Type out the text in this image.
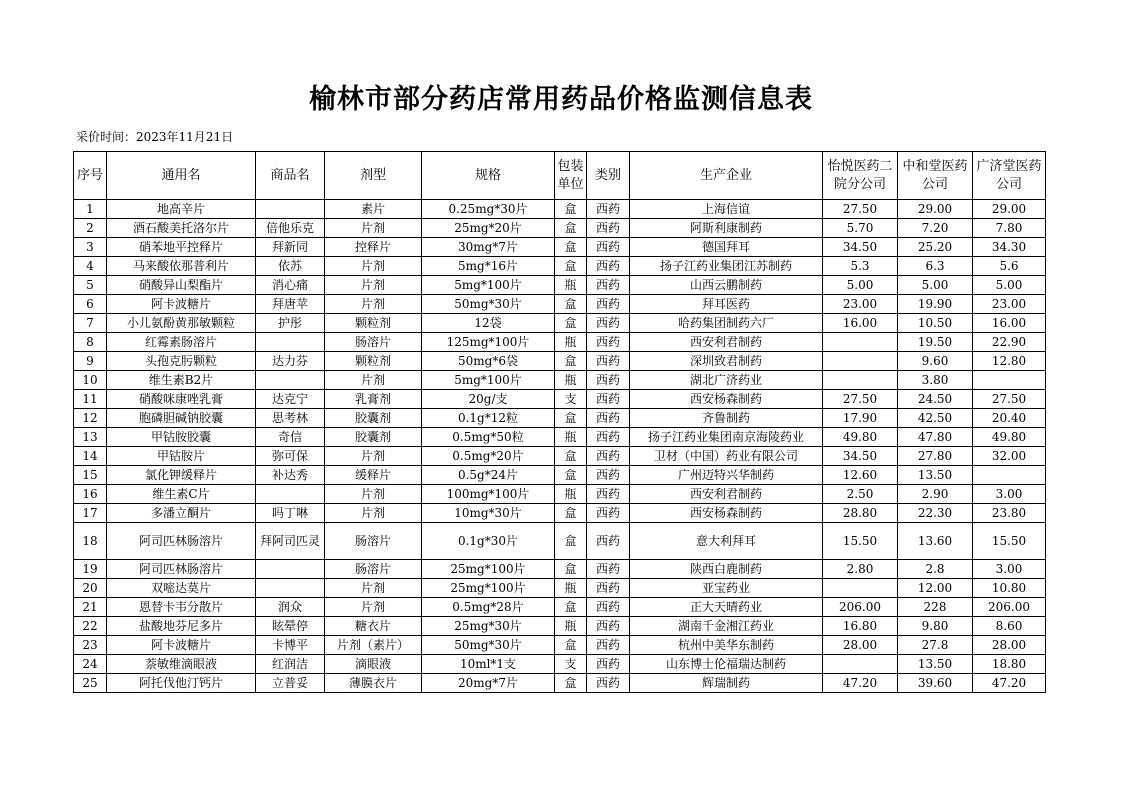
榆林市部分药店常用药品价格监测信息表
采价时间：2023年11月21日
序号	通用名	商品名	剂型	规格	包装单位	类别	生产企业	怡悦医药二院分公司	中和堂医药公司	广济堂医药公司
1	地高辛片		素片	0.25mg*30片	盒	西药	上海信谊	27.50	29.00	29.00
2	酒石酸美托洛尔片	倍他乐克	片剂	25mg*20片	盒	西药	阿斯利康制药	5.70	7.20	7.80
3	硝苯地平控释片	拜新同	控释片	30mg*7片	盒	西药	德国拜耳	34.50	25.20	34.30
4	马来酸依那普利片	依苏	片剂	5mg*16片	盒	西药	扬子江药业集团江苏制药	5.3	6.3	5.6
5	硝酸异山梨酯片	消心痛	片剂	5mg*100片	瓶	西药	山西云鹏制药	5.00	5.00	5.00
6	阿卡波糖片	拜唐苹	片剂	50mg*30片	盒	西药	拜耳医药	23.00	19.90	23.00
7	小儿氨酚黄那敏颗粒	护彤	颗粒剂	12袋	盒	西药	哈药集团制药六厂	16.00	10.50	16.00
8	红霉素肠溶片		肠溶片	125mg*100片	瓶	西药	西安利君制药		19.50	22.90
9	头孢克肟颗粒	达力芬	颗粒剂	50mg*6袋	盒	西药	深圳致君制药		9.60	12.80
10	维生素B2片		片剂	5mg*100片	瓶	西药	湖北广济药业		3.80	
11	硝酸咪康唑乳膏	达克宁	乳膏剂	20g/支	支	西药	西安杨森制药	27.50	24.50	27.50
12	胞磷胆碱钠胶囊	思考林	胶囊剂	0.1g*12粒	盒	西药	齐鲁制药	17.90	42.50	20.40
13	甲钴胺胶囊	奇信	胶囊剂	0.5mg*50粒	瓶	西药	扬子江药业集团南京海陵药业	49.80	47.80	49.80
14	甲钴胺片	弥可保	片剂	0.5mg*20片	盒	西药	卫材（中国）药业有限公司	34.50	27.80	32.00
15	氯化钾缓释片	补达秀	缓释片	0.5g*24片	盒	西药	广州迈特兴华制药	12.60	13.50	
16	维生素C片		片剂	100mg*100片	瓶	西药	西安利君制药	2.50	2.90	3.00
17	多潘立酮片	吗丁啉	片剂	10mg*30片	盒	西药	西安杨森制药	28.80	22.30	23.80
18	阿司匹林肠溶片	拜阿司匹灵	肠溶片	0.1g*30片	盒	西药	意大利拜耳	15.50	13.60	15.50
19	阿司匹林肠溶片		肠溶片	25mg*100片	盒	西药	陕西白鹿制药	2.80	2.8	3.00
20	双嘧达莫片		片剂	25mg*100片	瓶	西药	亚宝药业		12.00	10.80
21	恩替卡韦分散片	润众	片剂	0.5mg*28片	盒	西药	正大天晴药业	206.00	228	206.00
22	盐酸地芬尼多片	眩晕停	糖衣片	25mg*30片	瓶	西药	湖南千金湘江药业	16.80	9.80	8.60
23	阿卡波糖片	卡博平	片剂（素片）	50mg*30片	盒	西药	杭州中美华东制药	28.00	27.8	28.00
24	萘敏维滴眼液	红润洁	滴眼液	10ml*1支	支	西药	山东博士伦福瑞达制药		13.50	18.80
25	阿托伐他汀钙片	立普妥	薄膜衣片	20mg*7片	盒	西药	辉瑞制药	47.20	39.60	47.20
